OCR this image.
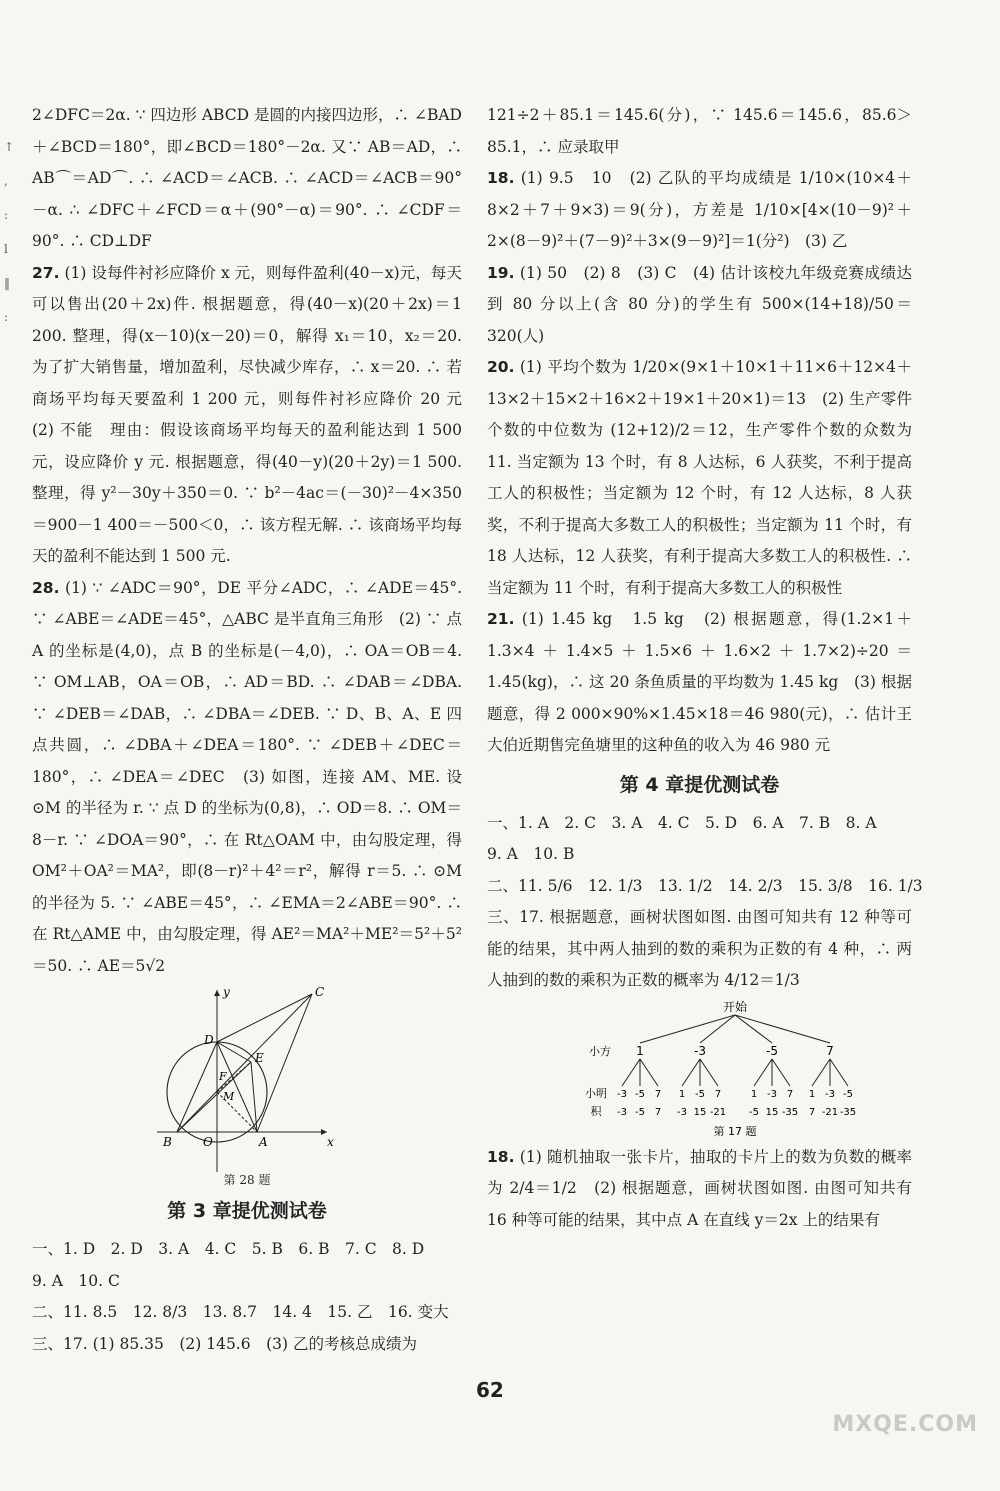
↑
,
:
l
‖
:

2∠DFC＝2α. ∵ 四边形 ABCD 是圆的内接四边形，∴ ∠BAD＋∠BCD＝180°，即∠BCD＝180°－2α. 又∵ AB＝AD，∴ AB⌒＝AD⌒. ∴ ∠ACD＝∠ACB. ∴ ∠ACD＝∠ACB＝90°－α. ∴ ∠DFC＋∠FCD＝α＋(90°－α)＝90°. ∴ ∠CDF＝90°. ∴ CD⊥DF

27. (1) 设每件衬衫应降价 x 元，则每件盈利(40－x)元，每天可以售出(20＋2x)件. 根据题意，得(40－x)(20＋2x)＝1 200. 整理，得(x－10)(x－20)＝0，解得 x₁＝10，x₂＝20. 为了扩大销售量，增加盈利，尽快减少库存，∴ x＝20. ∴ 若商场平均每天要盈利 1 200 元，则每件衬衫应降价 20 元　(2) 不能　理由：假设该商场平均每天的盈利能达到 1 500 元，设应降价 y 元. 根据题意，得(40－y)(20＋2y)＝1 500. 整理，得 y²－30y＋350＝0. ∵ b²－4ac＝(－30)²－4×350＝900－1 400＝－500＜0，∴ 该方程无解. ∴ 该商场平均每天的盈利不能达到 1 500 元.

28. (1) ∵ ∠ADC＝90°，DE 平分∠ADC，∴ ∠ADE＝45°. ∵ ∠ABE＝∠ADE＝45°，△ABC 是半直角三角形　(2) ∵ 点 A 的坐标是(4,0)，点 B 的坐标是(－4,0)，∴ OA＝OB＝4. ∵ OM⊥AB，OA＝OB，∴ AD＝BD. ∴ ∠DAB＝∠DBA. ∵ ∠DEB＝∠DAB，∴ ∠DBA＝∠DEB. ∵ D、B、A、E 四点共圆，∴ ∠DBA＋∠DEA＝180°. ∵ ∠DEB＋∠DEC＝180°，∴ ∠DEA＝∠DEC　(3) 如图，连接 AM、ME. 设⊙M 的半径为 r. ∵ 点 D 的坐标为(0,8)，∴ OD＝8. ∴ OM＝8－r. ∵ ∠DOA＝90°，∴ 在 Rt△OAM 中，由勾股定理，得 OM²＋OA²＝MA²，即(8－r)²＋4²＝r²，解得 r＝5. ∴ ⊙M 的半径为 5. ∵ ∠ABE＝45°，∴ ∠EMA＝2∠ABE＝90°. ∴ 在 Rt△AME 中，由勾股定理，得 AE²＝MA²＋ME²＝5²＋5²＝50. ∴ AE＝5√2

y
x
C
D
E
F
M
B	O	A
第 28 题
第 3 章提优测试卷

一、1. D　2. D　3. A　4. C　5. B　6. B　7. C　8. D

9. A　10. C

二、11. 8.5　12. 8/3　13. 8.7　14. 4　15. 乙　16. 变大

三、17. (1) 85.35　(2) 145.6　(3) 乙的考核总成绩为

121÷2＋85.1＝145.6(分)，∵ 145.6＝145.6，85.6＞85.1，∴ 应录取甲

18. (1) 9.5　10　(2) 乙队的平均成绩是 1/10×(10×4＋8×2＋7＋9×3)＝9(分)，方差是 1/10×[4×(10－9)²＋2×(8－9)²＋(7－9)²＋3×(9－9)²]＝1(分²)　(3) 乙

19. (1) 50　(2) 8　(3) C　(4) 估计该校九年级竞赛成绩达到 80 分以上(含 80 分)的学生有 500×(14+18)/50＝320(人)

20. (1) 平均个数为 1/20×(9×1＋10×1＋11×6＋12×4＋13×2＋15×2＋16×2＋19×1＋20×1)＝13　(2) 生产零件个数的中位数为 (12+12)/2＝12，生产零件个数的众数为 11. 当定额为 13 个时，有 8 人达标，6 人获奖，不利于提高工人的积极性；当定额为 12 个时，有 12 人达标，8 人获奖，不利于提高大多数工人的积极性；当定额为 11 个时，有 18 人达标，12 人获奖，有利于提高大多数工人的积极性. ∴ 当定额为 11 个时，有利于提高大多数工人的积极性

21. (1) 1.45 kg　1.5 kg　(2) 根据题意，得(1.2×1＋1.3×4＋1.4×5＋1.5×6＋1.6×2＋1.7×2)÷20＝1.45(kg)，∴ 这 20 条鱼质量的平均数为 1.45 kg　(3) 根据题意，得 2 000×90%×1.45×18＝46 980(元)，∴ 估计王大伯近期售完鱼塘里的这种鱼的收入为 46 980 元

第 4 章提优测试卷

一、1. A　2. C　3. A　4. C　5. D　6. A　7. B　8. A

9. A　10. B

二、11. 5/6　12. 1/3　13. 1/2　14. 2/3　15. 3/8　16. 1/3

三、17. 根据题意，画树状图如图. 由图可知共有 12 种等可能的结果，其中两人抽到的数的乘积为正数的有 4 种，∴ 两人抽到的数的乘积为正数的概率为 4/12＝1/3

开始
小方
小明
积
1
-3
-3
-5
-5
7
7
-3
1
-3
-5
15
7
-21
-5
1
-5
-3
15
7
-35
7
1
7
-3
-21
-5
-35
第 17 题

18. (1) 随机抽取一张卡片，抽取的卡片上的数为负数的概率为 2/4＝1/2　(2) 根据题意，画树状图如图. 由图可知共有 16 种等可能的结果，其中点 A 在直线 y＝2x 上的结果有

62
MXQE.COM
